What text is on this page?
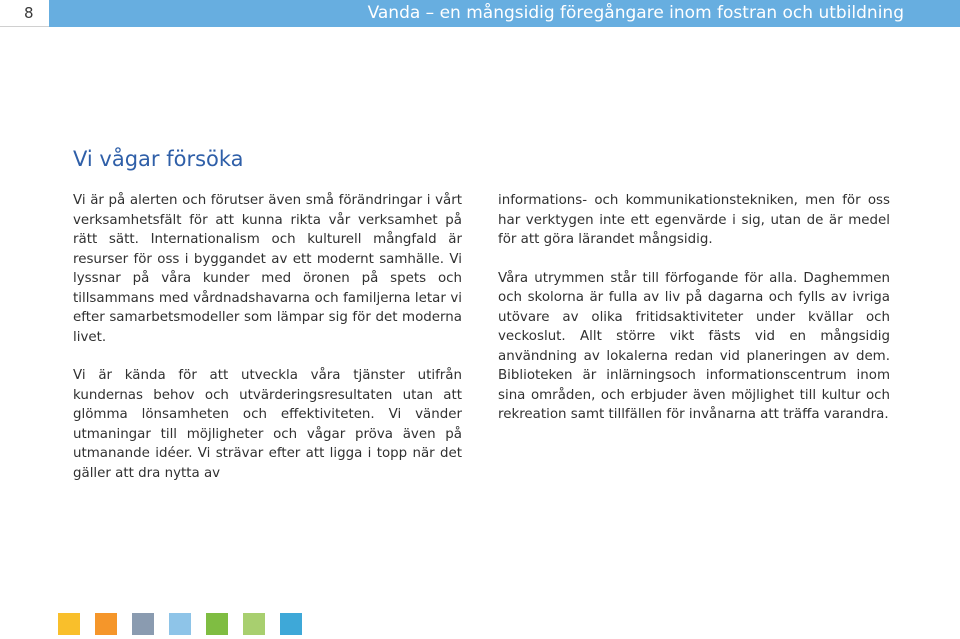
8	Vanda – en mångsidig föregångare inom fostran och utbildning
Vi vågar försöka

Vi är på alerten och förutser även små förändringar i vårt verksamhetsfält för att kunna rikta vår verksamhet på rätt sätt. Internationalism och kulturell mångfald är resurser för oss i byggandet av ett modernt samhälle. Vi lyssnar på våra kunder med öronen på spets och tillsammans med vårdnadshavarna och familjerna letar vi efter samarbetsmodeller som lämpar sig för det moderna livet.

Vi är kända för att utveckla våra tjänster utifrån kundernas behov och utvärderingsresultaten utan att glömma lönsamheten och effektiviteten. Vi vänder utmaningar till möjligheter och vågar pröva även på utmanande idéer. Vi strävar efter att ligga i topp när det gäller att dra nytta av

informations- och kommunikationstekniken, men för oss har verktygen inte ett egenvärde i sig, utan de är medel för att göra lärandet mångsidig.

Våra utrymmen står till förfogande för alla. Daghemmen och skolorna är fulla av liv på dagarna och fylls av ivriga utövare av olika fritidsaktiviteter under kvällar och veckoslut. Allt större vikt fästs vid en mångsidig användning av lokalerna redan vid planeringen av dem. Biblioteken är inlärningsoch informationscentrum inom sina områden, och erbjuder även möjlighet till kultur och rekreation samt tillfällen för invånarna att träffa varandra.
